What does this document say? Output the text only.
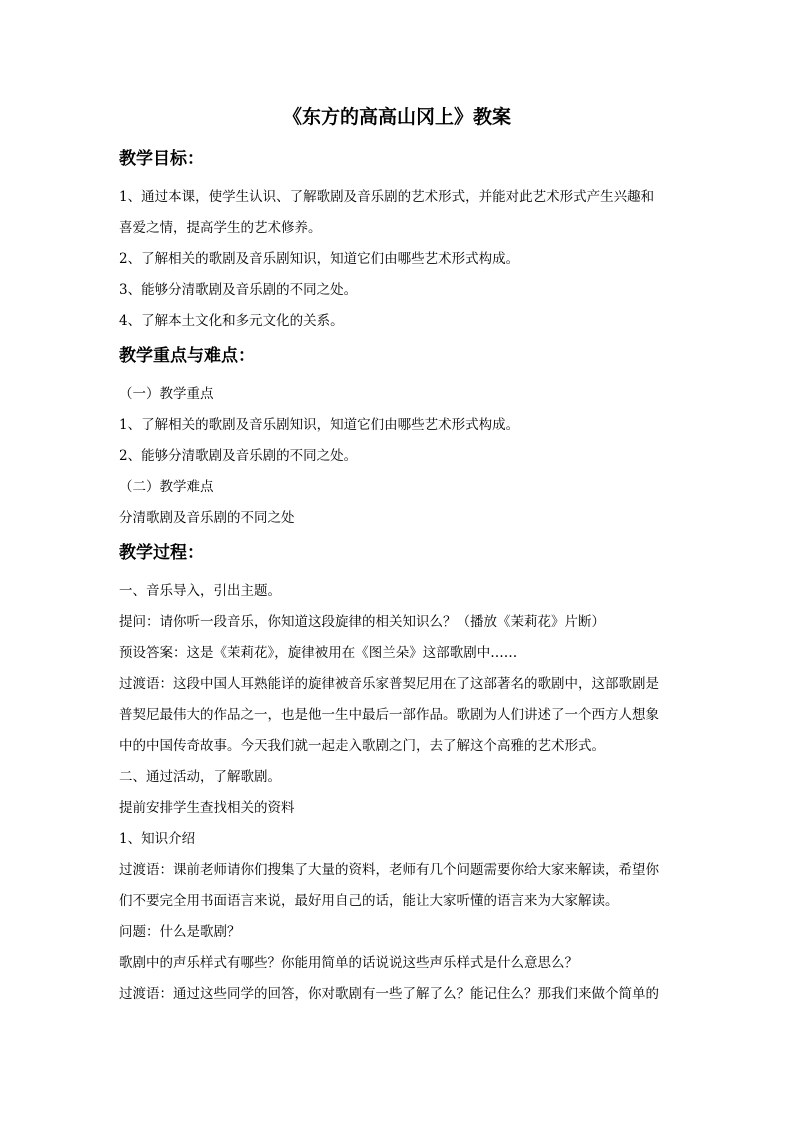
《东方的高高山冈上》教案
教学目标：
1、通过本课，使学生认识、了解歌剧及音乐剧的艺术形式，并能对此艺术形式产生兴趣和
喜爱之情，提高学生的艺术修养。
2、了解相关的歌剧及音乐剧知识，知道它们由哪些艺术形式构成。
3、能够分清歌剧及音乐剧的不同之处。
4、了解本土文化和多元文化的关系。
教学重点与难点：
（一）教学重点
1、了解相关的歌剧及音乐剧知识，知道它们由哪些艺术形式构成。
2、能够分清歌剧及音乐剧的不同之处。
（二）教学难点
分清歌剧及音乐剧的不同之处
教学过程：
一、音乐导入，引出主题。
提问：请你听一段音乐，你知道这段旋律的相关知识么？（播放《茉莉花》片断）
预设答案：这是《茉莉花》，旋律被用在《图兰朵》这部歌剧中……
过渡语：这段中国人耳熟能详的旋律被音乐家普契尼用在了这部著名的歌剧中，这部歌剧是
普契尼最伟大的作品之一，也是他一生中最后一部作品。歌剧为人们讲述了一个西方人想象
中的中国传奇故事。今天我们就一起走入歌剧之门，去了解这个高雅的艺术形式。
二、通过活动，了解歌剧。
提前安排学生查找相关的资料
1、知识介绍
过渡语：课前老师请你们搜集了大量的资料，老师有几个问题需要你给大家来解读，希望你
们不要完全用书面语言来说，最好用自己的话，能让大家听懂的语言来为大家解读。
问题：什么是歌剧？
歌剧中的声乐样式有哪些？你能用简单的话说说这些声乐样式是什么意思么？
过渡语：通过这些同学的回答，你对歌剧有一些了解了么？能记住么？那我们来做个简单的
